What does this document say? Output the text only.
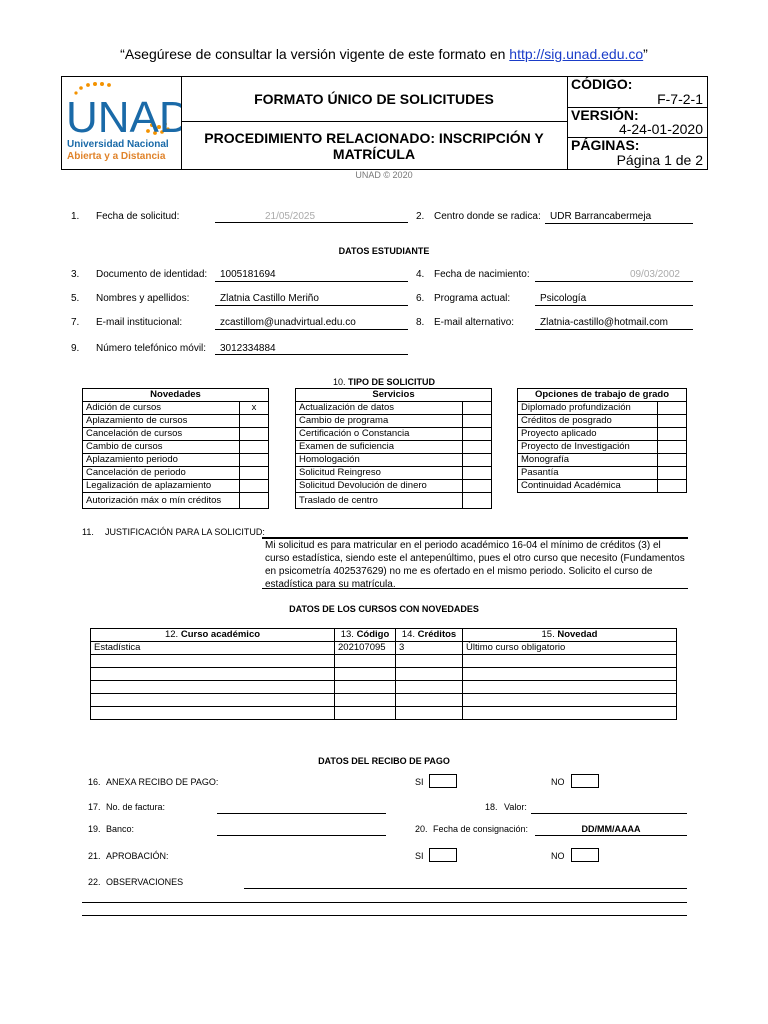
“Asegúrese de consultar la versión vigente de este formato en http://sig.unad.edu.co”
UNAD
Universidad Nacional
Abierta y a Distancia
FORMATO ÚNICO DE SOLICITUDES
PROCEDIMIENTO RELACIONADO: INSCRIPCIÓN Y MATRÍCULA
CÓDIGO:
F-7-2-1
VERSIÓN:
4-24-01-2020
PÁGINAS:
Página 1 de 2
UNAD © 2020
1. Fecha de solicitud:	21/05/2025	2. Centro donde se radica: UDR Barrancabermeja
DATOS ESTUDIANTE
3. Documento de identidad: 1005181694	4. Fecha de nacimiento:	09/03/2002
5. Nombres y apellidos:	Zlatnia Castillo Meriño	6. Programa actual:	Psicología
7. E-mail institucional:	zcastillom@unadvirtual.edu.co	8. E-mail alternativo:	Zlatnia-castillo@hotmail.com
9. Número telefónico móvil: 3012334884
10. TIPO DE SOLICITUD
Novedades	
Adición de cursos	x
Aplazamiento de cursos	
Cancelación de cursos	
Cambio de cursos	
Aplazamiento periodo	
Cancelación de periodo	
Legalización de aplazamiento	
Autorización máx o mín créditos	
Servicios	
Actualización de datos	
Cambio de programa	
Certificación o Constancia	
Examen de suficiencia	
Homologación	
Solicitud Reingreso	
Solicitud Devolución de dinero	
Traslado de centro	
Opciones de trabajo de grado	
Diplomado profundización	
Créditos de posgrado	
Proyecto aplicado	
Proyecto de Investigación	
Monografía	
Pasantía	
Continuidad Académica	
11. JUSTIFICACIÓN PARA LA SOLICITUD:
Mi solicitud es para matricular en el periodo académico 16-04 el mínimo de créditos (3) el curso estadística, siendo este el antepenúltimo, pues el otro curso que necesito (Fundamentos en psicometría 402537629) no me es ofertado en el mismo periodo. Solicito el curso de estadística para su matrícula.
DATOS DE LOS CURSOS CON NOVEDADES
12. Curso académico	13. Código	14. Créditos	15. Novedad
Estadística	202107095	3	Último curso obligatorio

DATOS DEL RECIBO DE PAGO
16. ANEXA RECIBO DE PAGO:	SI	NO
17. No. de factura:	18. Valor:
19. Banco:	20. Fecha de consignación:	DD/MM/AAAA
21. APROBACIÓN:	SI	NO
22. OBSERVACIONES
